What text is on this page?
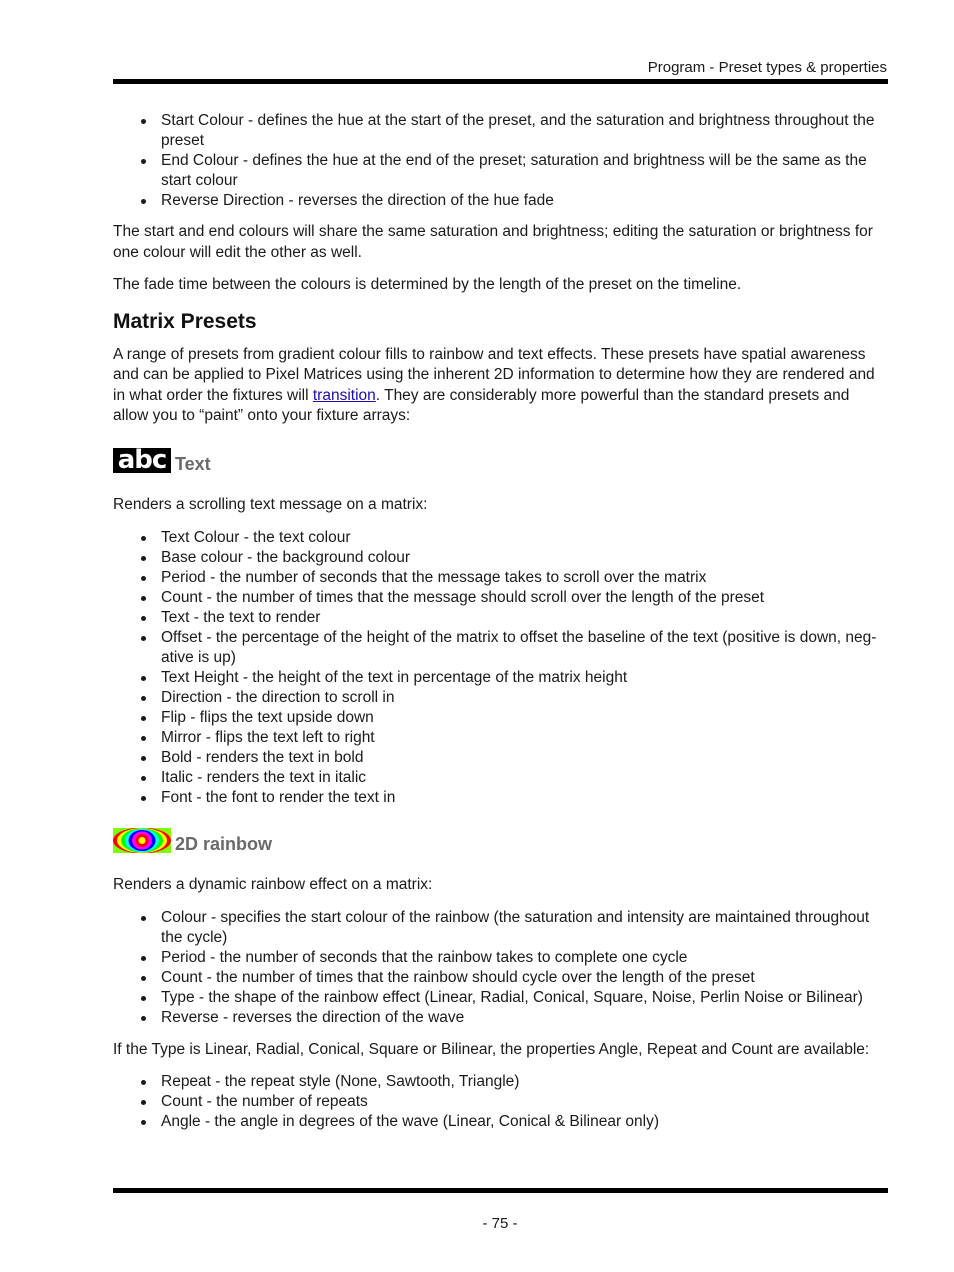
Program - Preset types & properties
Start Colour - defines the hue at the start of the preset, and the saturation and brightness throughout the preset
End Colour - defines the hue at the end of the preset; saturation and brightness will be the same as the start colour
Reverse Direction - reverses the direction of the hue fade

The start and end colours will share the same saturation and brightness; editing the saturation or brightness for one colour will edit the other as well.

The fade time between the colours is determined by the length of the preset on the timeline.

Matrix Presets

A range of presets from gradient colour fills to rainbow and text effects. These presets have spatial awareness and can be applied to Pixel Matrices using the inherent 2D information to determine how they are rendered and in what order the fixtures will transition. They are considerably more powerful than the standard presets and allow you to “paint” onto your fixture arrays:

abc Text

Renders a scrolling text message on a matrix:

Text Colour - the text colour
Base colour - the background colour
Period - the number of seconds that the message takes to scroll over the matrix
Count - the number of times that the message should scroll over the length of the preset
Text - the text to render
Offset - the percentage of the height of the matrix to offset the baseline of the text (positive is down, negative is up)
Text Height - the height of the text in percentage of the matrix height
Direction - the direction to scroll in
Flip - flips the text upside down
Mirror - flips the text left to right
Bold - renders the text in bold
Italic - renders the text in italic
Font - the font to render the text in
2D rainbow

Renders a dynamic rainbow effect on a matrix:

Colour - specifies the start colour of the rainbow (the saturation and intensity are maintained throughout the cycle)
Period - the number of seconds that the rainbow takes to complete one cycle
Count - the number of times that the rainbow should cycle over the length of the preset
Type - the shape of the rainbow effect (Linear, Radial, Conical, Square, Noise, Perlin Noise or Bilinear)
Reverse - reverses the direction of the wave

If the Type is Linear, Radial, Conical, Square or Bilinear, the properties Angle, Repeat and Count are available:

Repeat - the repeat style (None, Sawtooth, Triangle)
Count - the number of repeats
Angle - the angle in degrees of the wave (Linear, Conical & Bilinear only)
- 75 -
